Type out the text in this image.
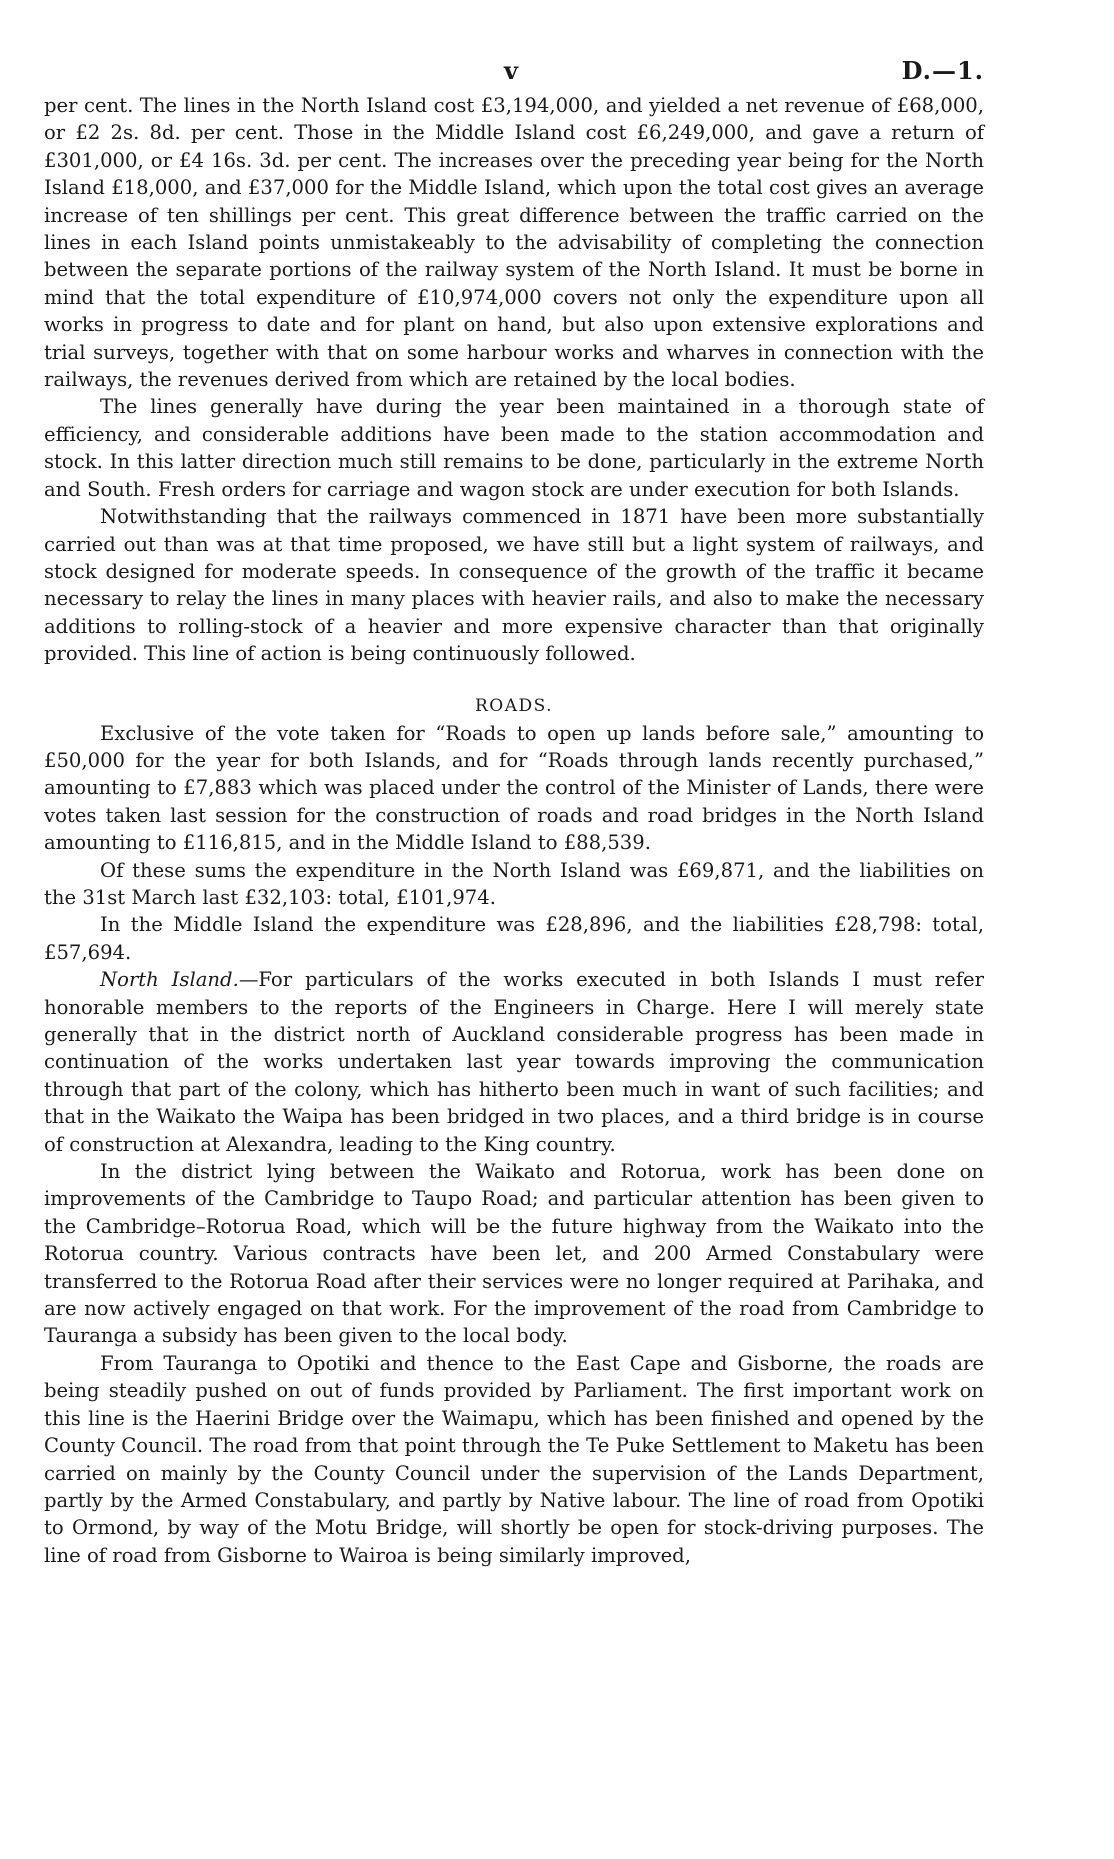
v	D.—1.

per cent. The lines in the North Island cost £3,194,000, and yielded a net revenue of £68,000, or £2 2s. 8d. per cent. Those in the Middle Island cost £6,249,000, and gave a return of £301,000, or £4 16s. 3d. per cent. The increases over the preceding year being for the North Island £18,000, and £37,000 for the Middle Island, which upon the total cost gives an average increase of ten shillings per cent. This great difference between the traffic carried on the lines in each Island points unmistakeably to the advisability of completing the connection between the separate portions of the railway system of the North Island. It must be borne in mind that the total expenditure of £10,974,000 covers not only the expenditure upon all works in progress to date and for plant on hand, but also upon extensive explorations and trial surveys, together with that on some harbour works and wharves in connection with the railways, the revenues derived from which are retained by the local bodies.

The lines generally have during the year been maintained in a thorough state of efficiency, and considerable additions have been made to the station accommodation and stock. In this latter direction much still remains to be done, particularly in the extreme North and South. Fresh orders for carriage and wagon stock are under execution for both Islands.

Notwithstanding that the railways commenced in 1871 have been more substantially carried out than was at that time proposed, we have still but a light system of railways, and stock designed for moderate speeds. In consequence of the growth of the traffic it became necessary to relay the lines in many places with heavier rails, and also to make the necessary additions to rolling-stock of a heavier and more expensive character than that originally provided. This line of action is being continuously followed.

ROADS.

Exclusive of the vote taken for “Roads to open up lands before sale,” amounting to £50,000 for the year for both Islands, and for “Roads through lands recently purchased,” amounting to £7,883 which was placed under the control of the Minister of Lands, there were votes taken last session for the construction of roads and road bridges in the North Island amounting to £116,815, and in the Middle Island to £88,539.

Of these sums the expenditure in the North Island was £69,871, and the liabilities on the 31st March last £32,103: total, £101,974.

In the Middle Island the expenditure was £28,896, and the liabilities £28,798: total, £57,694.

North Island.—For particulars of the works executed in both Islands I must refer honorable members to the reports of the Engineers in Charge. Here I will merely state generally that in the district north of Auckland considerable progress has been made in continuation of the works undertaken last year towards improving the communication through that part of the colony, which has hitherto been much in want of such facilities; and that in the Waikato the Waipa has been bridged in two places, and a third bridge is in course of construction at Alexandra, leading to the King country.

In the district lying between the Waikato and Rotorua, work has been done on improvements of the Cambridge to Taupo Road; and particular attention has been given to the Cambridge–Rotorua Road, which will be the future highway from the Waikato into the Rotorua country. Various contracts have been let, and 200 Armed Constabulary were transferred to the Rotorua Road after their services were no longer required at Parihaka, and are now actively engaged on that work. For the improvement of the road from Cambridge to Tauranga a subsidy has been given to the local body.

From Tauranga to Opotiki and thence to the East Cape and Gisborne, the roads are being steadily pushed on out of funds provided by Parliament. The first important work on this line is the Haerini Bridge over the Waimapu, which has been finished and opened by the County Council. The road from that point through the Te Puke Settlement to Maketu has been carried on mainly by the County Council under the supervision of the Lands Department, partly by the Armed Constabulary, and partly by Native labour. The line of road from Opotiki to Ormond, by way of the Motu Bridge, will shortly be open for stock-driving purposes. The line of road from Gisborne to Wairoa is being similarly improved,
